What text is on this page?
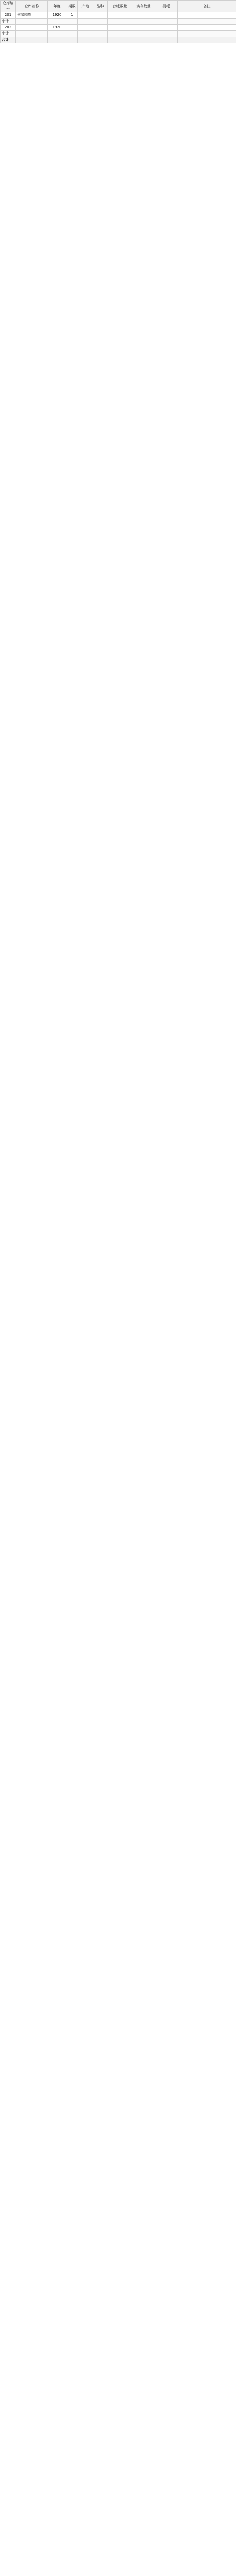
仓库编号	仓库名称	年度	期数	产地	品种	台帐数量	实存数量	损耗	备注
201	何家园库	1920	1						
小计									
202		1920	1						
小计									
合计									
